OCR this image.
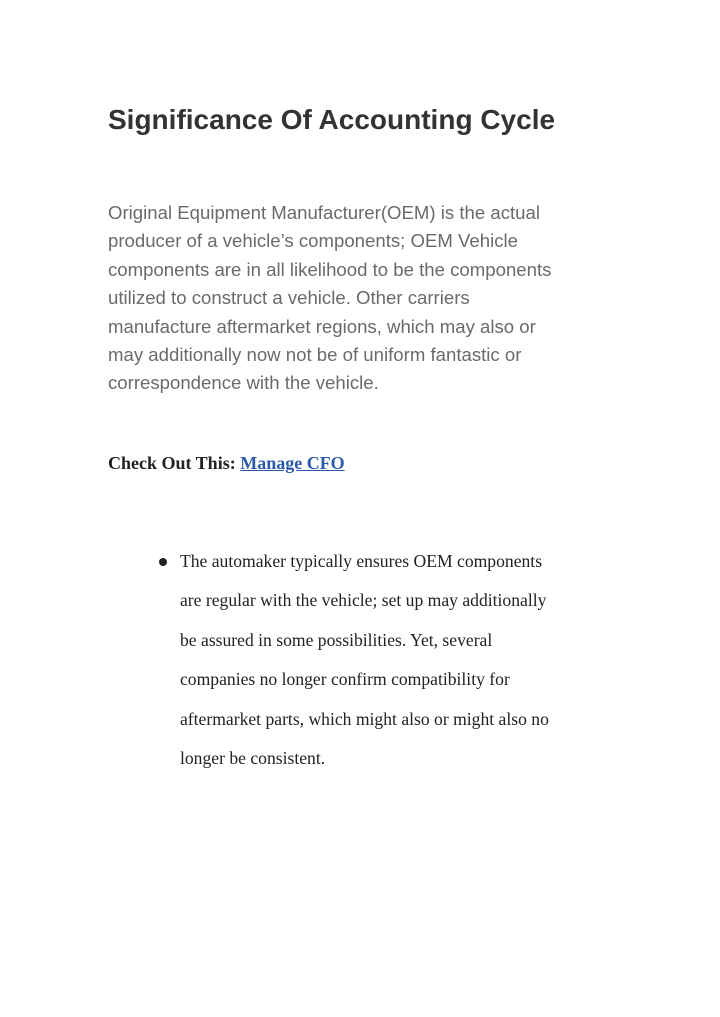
Significance Of Accounting Cycle

Original Equipment Manufacturer(OEM) is the actual
producer of a vehicle’s components; OEM Vehicle
components are in all likelihood to be the components
utilized to construct a vehicle. Other carriers
manufacture aftermarket regions, which may also or
may additionally now not be of uniform fantastic or
correspondence with the vehicle.

Check Out This: Manage CFO

The automaker typically ensures OEM components
are regular with the vehicle; set up may additionally
be assured in some possibilities. Yet, several
companies no longer confirm compatibility for
aftermarket parts, which might also or might also no
longer be consistent.
